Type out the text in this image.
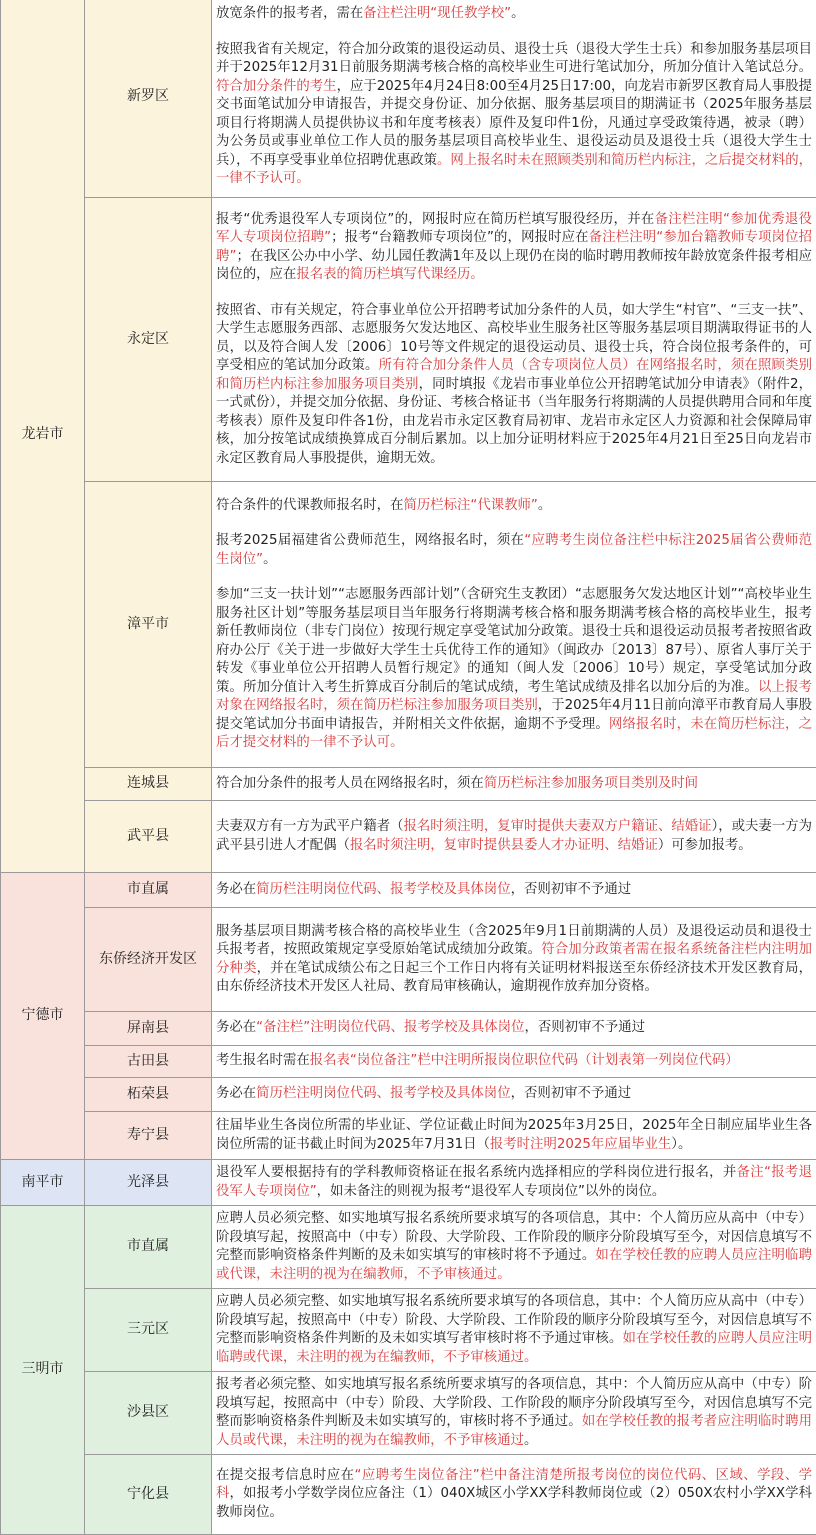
龙岩市	新罗区	放宽条件的报考者，需在备注栏注明“现任教学校”。

按照我省有关规定，符合加分政策的退役运动员、退役士兵（退役大学生士兵）和参加服务基层项目并于2025年12月31日前服务期满考核合格的高校毕业生可进行笔试加分，所加分值计入笔试总分。符合加分条件的考生，应于2025年4月24日8:00至4月25日17:00，向龙岩市新罗区教育局人事股提交书面笔试加分申请报告，并提交身份证、加分依据、服务基层项目的期满证书（2025年服务基层项目行将期满人员提供协议书和年度考核表）原件及复印件1份，凡通过享受政策待遇，被录（聘）为公务员或事业单位工作人员的服务基层项目高校毕业生、退役运动员及退役士兵（退役大学生士兵），不再享受事业单位招聘优惠政策。网上报名时未在照顾类别和简历栏内标注，之后提交材料的，一律不予认可。

	永定区	报考“优秀退役军人专项岗位”的，网报时应在简历栏填写服役经历，并在备注栏注明“参加优秀退役军人专项岗位招聘”；报考“台籍教师专项岗位”的，网报时应在备注栏注明“参加台籍教师专项岗位招聘”；在我区公办中小学、幼儿园任教满1年及以上现仍在岗的临时聘用教师按年龄放宽条件报考相应岗位的，应在报名表的简历栏填写代课经历。

按照省、市有关规定，符合事业单位公开招聘考试加分条件的人员，如大学生“村官”、“三支一扶”、大学生志愿服务西部、志愿服务欠发达地区、高校毕业生服务社区等服务基层项目期满取得证书的人员，以及符合闽人发〔2006〕10号等文件规定的退役运动员、退役士兵，符合岗位报考条件的，可享受相应的笔试加分政策。所有符合加分条件人员（含专项岗位人员）在网络报名时，须在照顾类别和简历栏内标注参加服务项目类别，同时填报《龙岩市事业单位公开招聘笔试加分申请表》（附件2，一式贰份），并提交加分依据、身份证、考核合格证书（当年服务行将期满的人员提供聘用合同和年度考核表）原件及复印件各1份，由龙岩市永定区教育局初审、龙岩市永定区人力资源和社会保障局审核，加分按笔试成绩换算成百分制后累加。以上加分证明材料应于2025年4月21日至25日向龙岩市永定区教育局人事股提供，逾期无效。

	漳平市	符合条件的代课教师报名时，在简历栏标注“代课教师”。

报考2025届福建省公费师范生，网络报名时，须在“应聘考生岗位备注栏中标注2025届省公费师范生岗位”。

参加“三支一扶计划”“志愿服务西部计划”（含研究生支教团）“志愿服务欠发达地区计划”“高校毕业生服务社区计划”等服务基层项目当年服务行将期满考核合格和服务期满考核合格的高校毕业生，报考新任教师岗位（非专门岗位）按现行规定享受笔试加分政策。退役士兵和退役运动员报考者按照省政府办公厅《关于进一步做好大学生士兵优待工作的通知》（闽政办〔2013〕87号）、原省人事厅关于转发《事业单位公开招聘人员暂行规定》的通知（闽人发〔2006〕10号）规定，享受笔试加分政策。所加分值计入考生折算成百分制后的笔试成绩，考生笔试成绩及排名以加分后的为准。以上报考对象在网络报名时，须在简历栏标注参加服务项目类别，于2025年4月11日前向漳平市教育局人事股提交笔试加分书面申请报告，并附相关文件依据，逾期不予受理。网络报名时，未在简历栏标注，之后才提交材料的一律不予认可。

	连城县	符合加分条件的报考人员在网络报名时，须在简历栏标注参加服务项目类别及时间

	武平县	夫妻双方有一方为武平户籍者（报名时须注明，复审时提供夫妻双方户籍证、结婚证），或夫妻一方为武平县引进人才配偶（报名时须注明，复审时提供县委人才办证明、结婚证）可参加报考。

宁德市	市直属	务必在简历栏注明岗位代码、报考学校及具体岗位，否则初审不予通过

	东侨经济开发区	服务基层项目期满考核合格的高校毕业生（含2025年9月1日前期满的人员）及退役运动员和退役士兵报考者，按照政策规定享受原始笔试成绩加分政策。符合加分政策者需在报名系统备注栏内注明加分种类，并在笔试成绩公布之日起三个工作日内将有关证明材料报送至东侨经济技术开发区教育局，由东侨经济技术开发区人社局、教育局审核确认，逾期视作放弃加分资格。

	屏南县	务必在“备注栏”注明岗位代码、报考学校及具体岗位，否则初审不予通过

	古田县	考生报名时需在报名表“岗位备注”栏中注明所报岗位职位代码（计划表第一列岗位代码）

	柘荣县	务必在简历栏注明岗位代码、报考学校及具体岗位，否则初审不予通过

	寿宁县	往届毕业生各岗位所需的毕业证、学位证截止时间为2025年3月25日，2025年全日制应届毕业生各岗位所需的证书截止时间为2025年7月31日（报考时注明2025年应届毕业生）。

南平市	光泽县	退役军人要根据持有的学科教师资格证在报名系统内选择相应的学科岗位进行报名，并备注“报考退役军人专项岗位”，如未备注的则视为报考“退役军人专项岗位”以外的岗位。

三明市	市直属	应聘人员必须完整、如实地填写报名系统所要求填写的各项信息，其中：个人简历应从高中（中专）阶段填写起，按照高中（中专）阶段、大学阶段、工作阶段的顺序分阶段填写至今，对因信息填写不完整而影响资格条件判断的及未如实填写的审核时将不予通过。如在学校任教的应聘人员应注明临聘或代课，未注明的视为在编教师，不予审核通过。

	三元区	应聘人员必须完整、如实地填写报名系统所要求填写的各项信息，其中：个人简历应从高中（中专）阶段填写起，按照高中（中专）阶段、大学阶段、工作阶段的顺序分阶段填写至今，对因信息填写不完整而影响资格条件判断的及未如实填写者审核时将不予通过审核。如在学校任教的应聘人员应注明临聘或代课，未注明的视为在编教师，不予审核通过。

	沙县区	报考者必须完整、如实地填写报名系统所要求填写的各项信息，其中：个人简历应从高中（中专）阶段填写起，按照高中（中专）阶段、大学阶段、工作阶段的顺序分阶段填写至今，对因信息填写不完整而影响资格条件判断及未如实填写的，审核时将不予通过。如在学校任教的报考者应注明临时聘用人员或代课，未注明的视为在编教师，不予审核通过。

	宁化县	在提交报考信息时应在“应聘考生岗位备注”栏中备注清楚所报考岗位的岗位代码、区域、学段、学科，如报考小学数学岗位应备注（1）040X城区小学XX学科教师岗位或（2）050X农村小学XX学科教师岗位。
